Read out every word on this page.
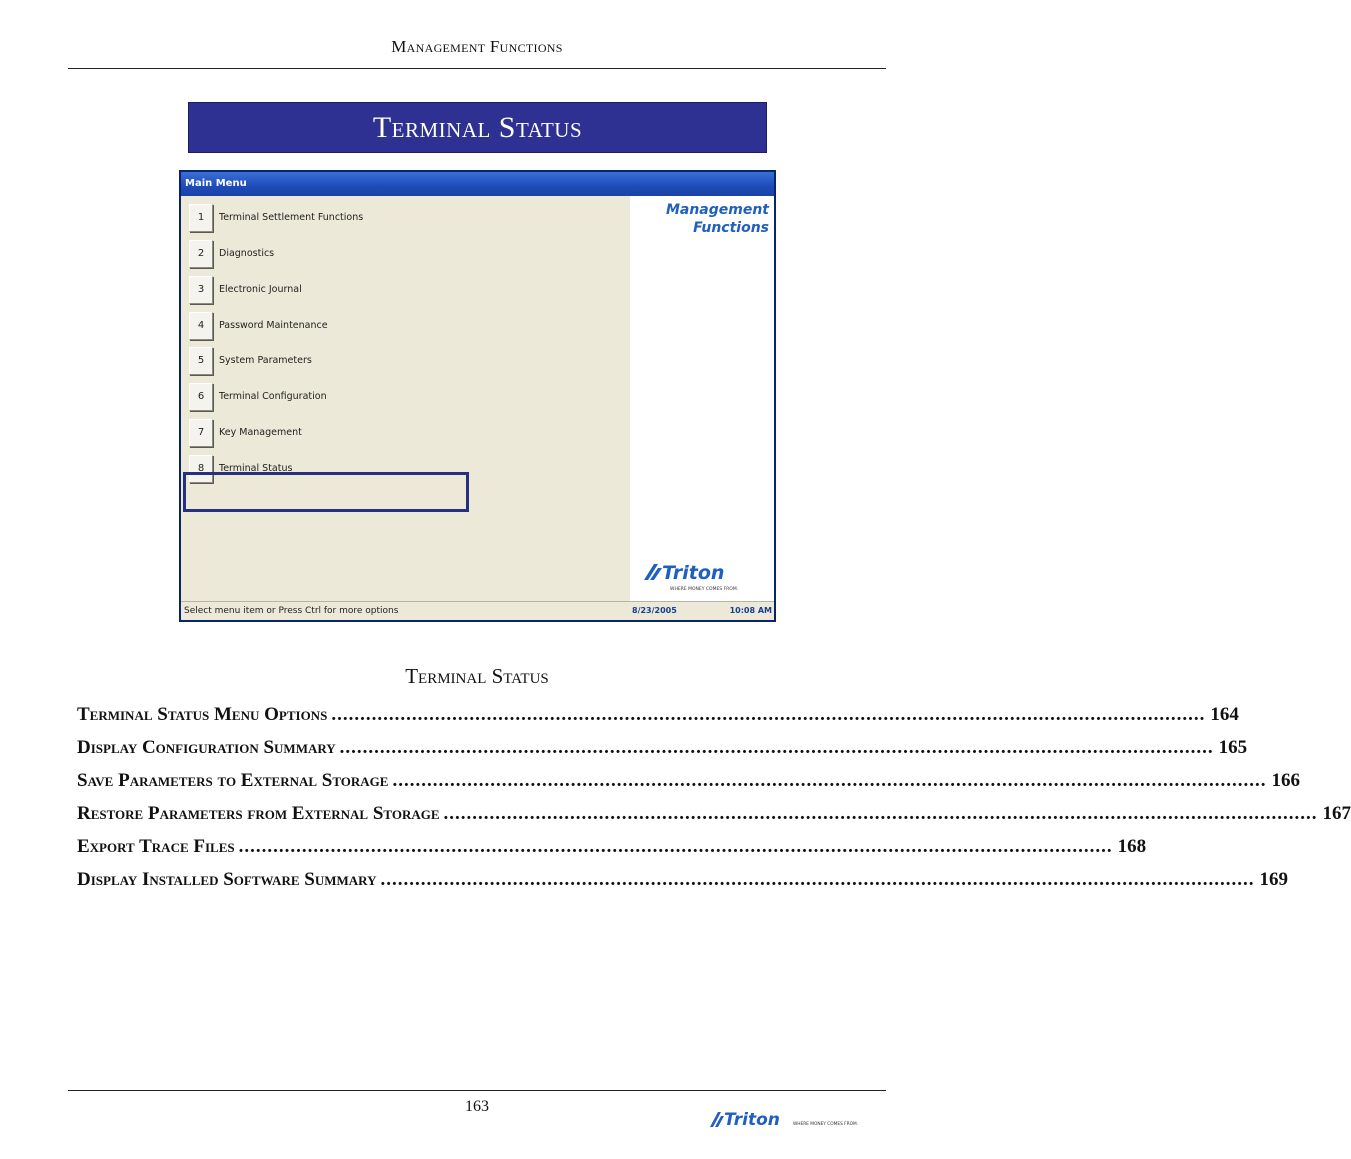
Management Functions
Terminal Status
Main Menu
1	Terminal Settlement Functions
2	Diagnostics
3	Electronic Journal
4	Password Maintenance
5	System Parameters
6	Terminal Configuration
7	Key Management
8	Terminal Status
Management
Functions
Triton
WHERE MONEY COMES FROM.
Select menu item or Press Ctrl for more options	8/23/2005	10:08 AM
Terminal Status
Terminal Status Menu Options ........................................................................................................................................................ 164
Display Configuration Summary ........................................................................................................................................................ 165
Save Parameters to External Storage ........................................................................................................................................................ 166
Restore Parameters from External Storage ........................................................................................................................................................ 167
Export Trace Files ........................................................................................................................................................ 168
Display Installed Software Summary ........................................................................................................................................................ 169
163
Triton	WHERE MONEY COMES FROM.
